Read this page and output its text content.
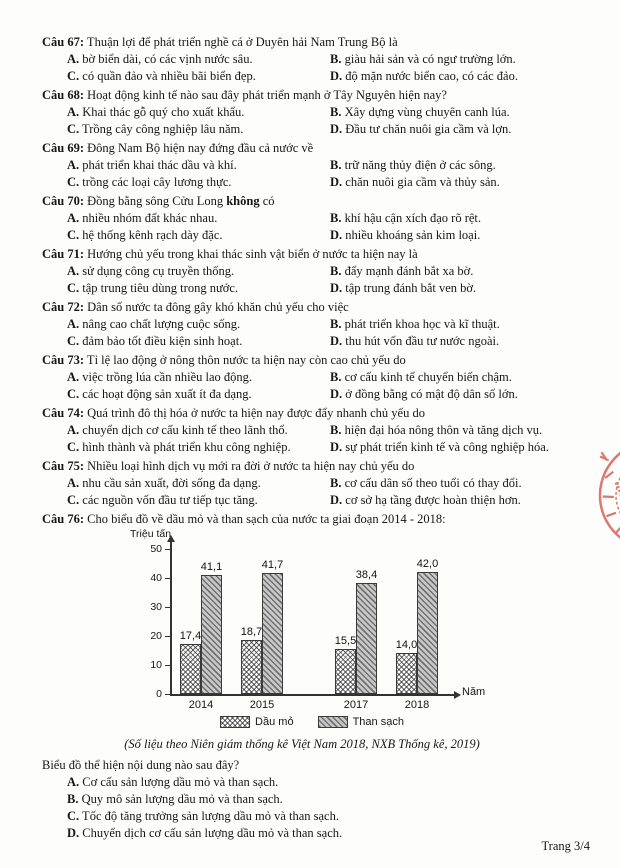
Câu 67: Thuận lợi để phát triển nghề cá ở Duyên hải Nam Trung Bộ là
A. bờ biển dài, có các vịnh nước sâu.	B. giàu hải sản và có ngư trường lớn.
C. có quần đảo và nhiều bãi biển đẹp.	D. độ mặn nước biển cao, có các đảo.
Câu 68: Hoạt động kinh tế nào sau đây phát triển mạnh ở Tây Nguyên hiện nay?
A. Khai thác gỗ quý cho xuất khẩu.	B. Xây dựng vùng chuyên canh lúa.
C. Trồng cây công nghiệp lâu năm.	D. Đầu tư chăn nuôi gia cầm và lợn.
Câu 69: Đông Nam Bộ hiện nay đứng đầu cả nước về
A. phát triển khai thác dầu và khí.	B. trữ năng thủy điện ở các sông.
C. trồng các loại cây lương thực.	D. chăn nuôi gia cầm và thủy sản.
Câu 70: Đồng bằng sông Cửu Long không có
A. nhiều nhóm đất khác nhau.	B. khí hậu cận xích đạo rõ rệt.
C. hệ thống kênh rạch dày đặc.	D. nhiều khoáng sản kim loại.
Câu 71: Hướng chủ yếu trong khai thác sinh vật biển ở nước ta hiện nay là
A. sử dụng công cụ truyền thống.	B. đẩy mạnh đánh bắt xa bờ.
C. tập trung tiêu dùng trong nước.	D. tập trung đánh bắt ven bờ.
Câu 72: Dân số nước ta đông gây khó khăn chủ yếu cho việc
A. nâng cao chất lượng cuộc sống.	B. phát triển khoa học và kĩ thuật.
C. đảm bảo tốt điều kiện sinh hoạt.	D. thu hút vốn đầu tư nước ngoài.
Câu 73: Tỉ lệ lao động ở nông thôn nước ta hiện nay còn cao chủ yếu do
A. việc trồng lúa cần nhiều lao động.	B. cơ cấu kinh tế chuyển biến chậm.
C. các hoạt động sản xuất ít đa dạng.	D. ở đồng bằng có mật độ dân số lớn.
Câu 74: Quá trình đô thị hóa ở nước ta hiện nay được đẩy nhanh chủ yếu do
A. chuyển dịch cơ cấu kinh tế theo lãnh thổ.	B. hiện đại hóa nông thôn và tăng dịch vụ.
C. hình thành và phát triển khu công nghiệp.	D. sự phát triển kinh tế và công nghiệp hóa.
Câu 75: Nhiều loại hình dịch vụ mới ra đời ở nước ta hiện nay chủ yếu do
A. nhu cầu sản xuất, đời sống đa dạng.	B. cơ cấu dân số theo tuổi có thay đổi.
C. các nguồn vốn đầu tư tiếp tục tăng.	D. cơ sở hạ tầng được hoàn thiện hơn.
Câu 76: Cho biểu đồ về dầu mỏ và than sạch của nước ta giai đoạn 2014 - 2018:
Triệu tấn
Năm
0
10
20
30
40
50
2014	2015	2017	2018
17,4	18,7
15,5	14,0
41,1	41,7
38,4
42,0
Dầu mỏ	Than sạch
(Số liệu theo Niên giám thống kê Việt Nam 2018, NXB Thống kê, 2019)
Biểu đồ thể hiện nội dung nào sau đây?
A. Cơ cấu sản lượng dầu mỏ và than sạch.
B. Quy mô sản lượng dầu mỏ và than sạch.
C. Tốc độ tăng trưởng sản lượng dầu mỏ và than sạch.
D. Chuyển dịch cơ cấu sản lượng dầu mỏ và than sạch.
Trang 3/4
